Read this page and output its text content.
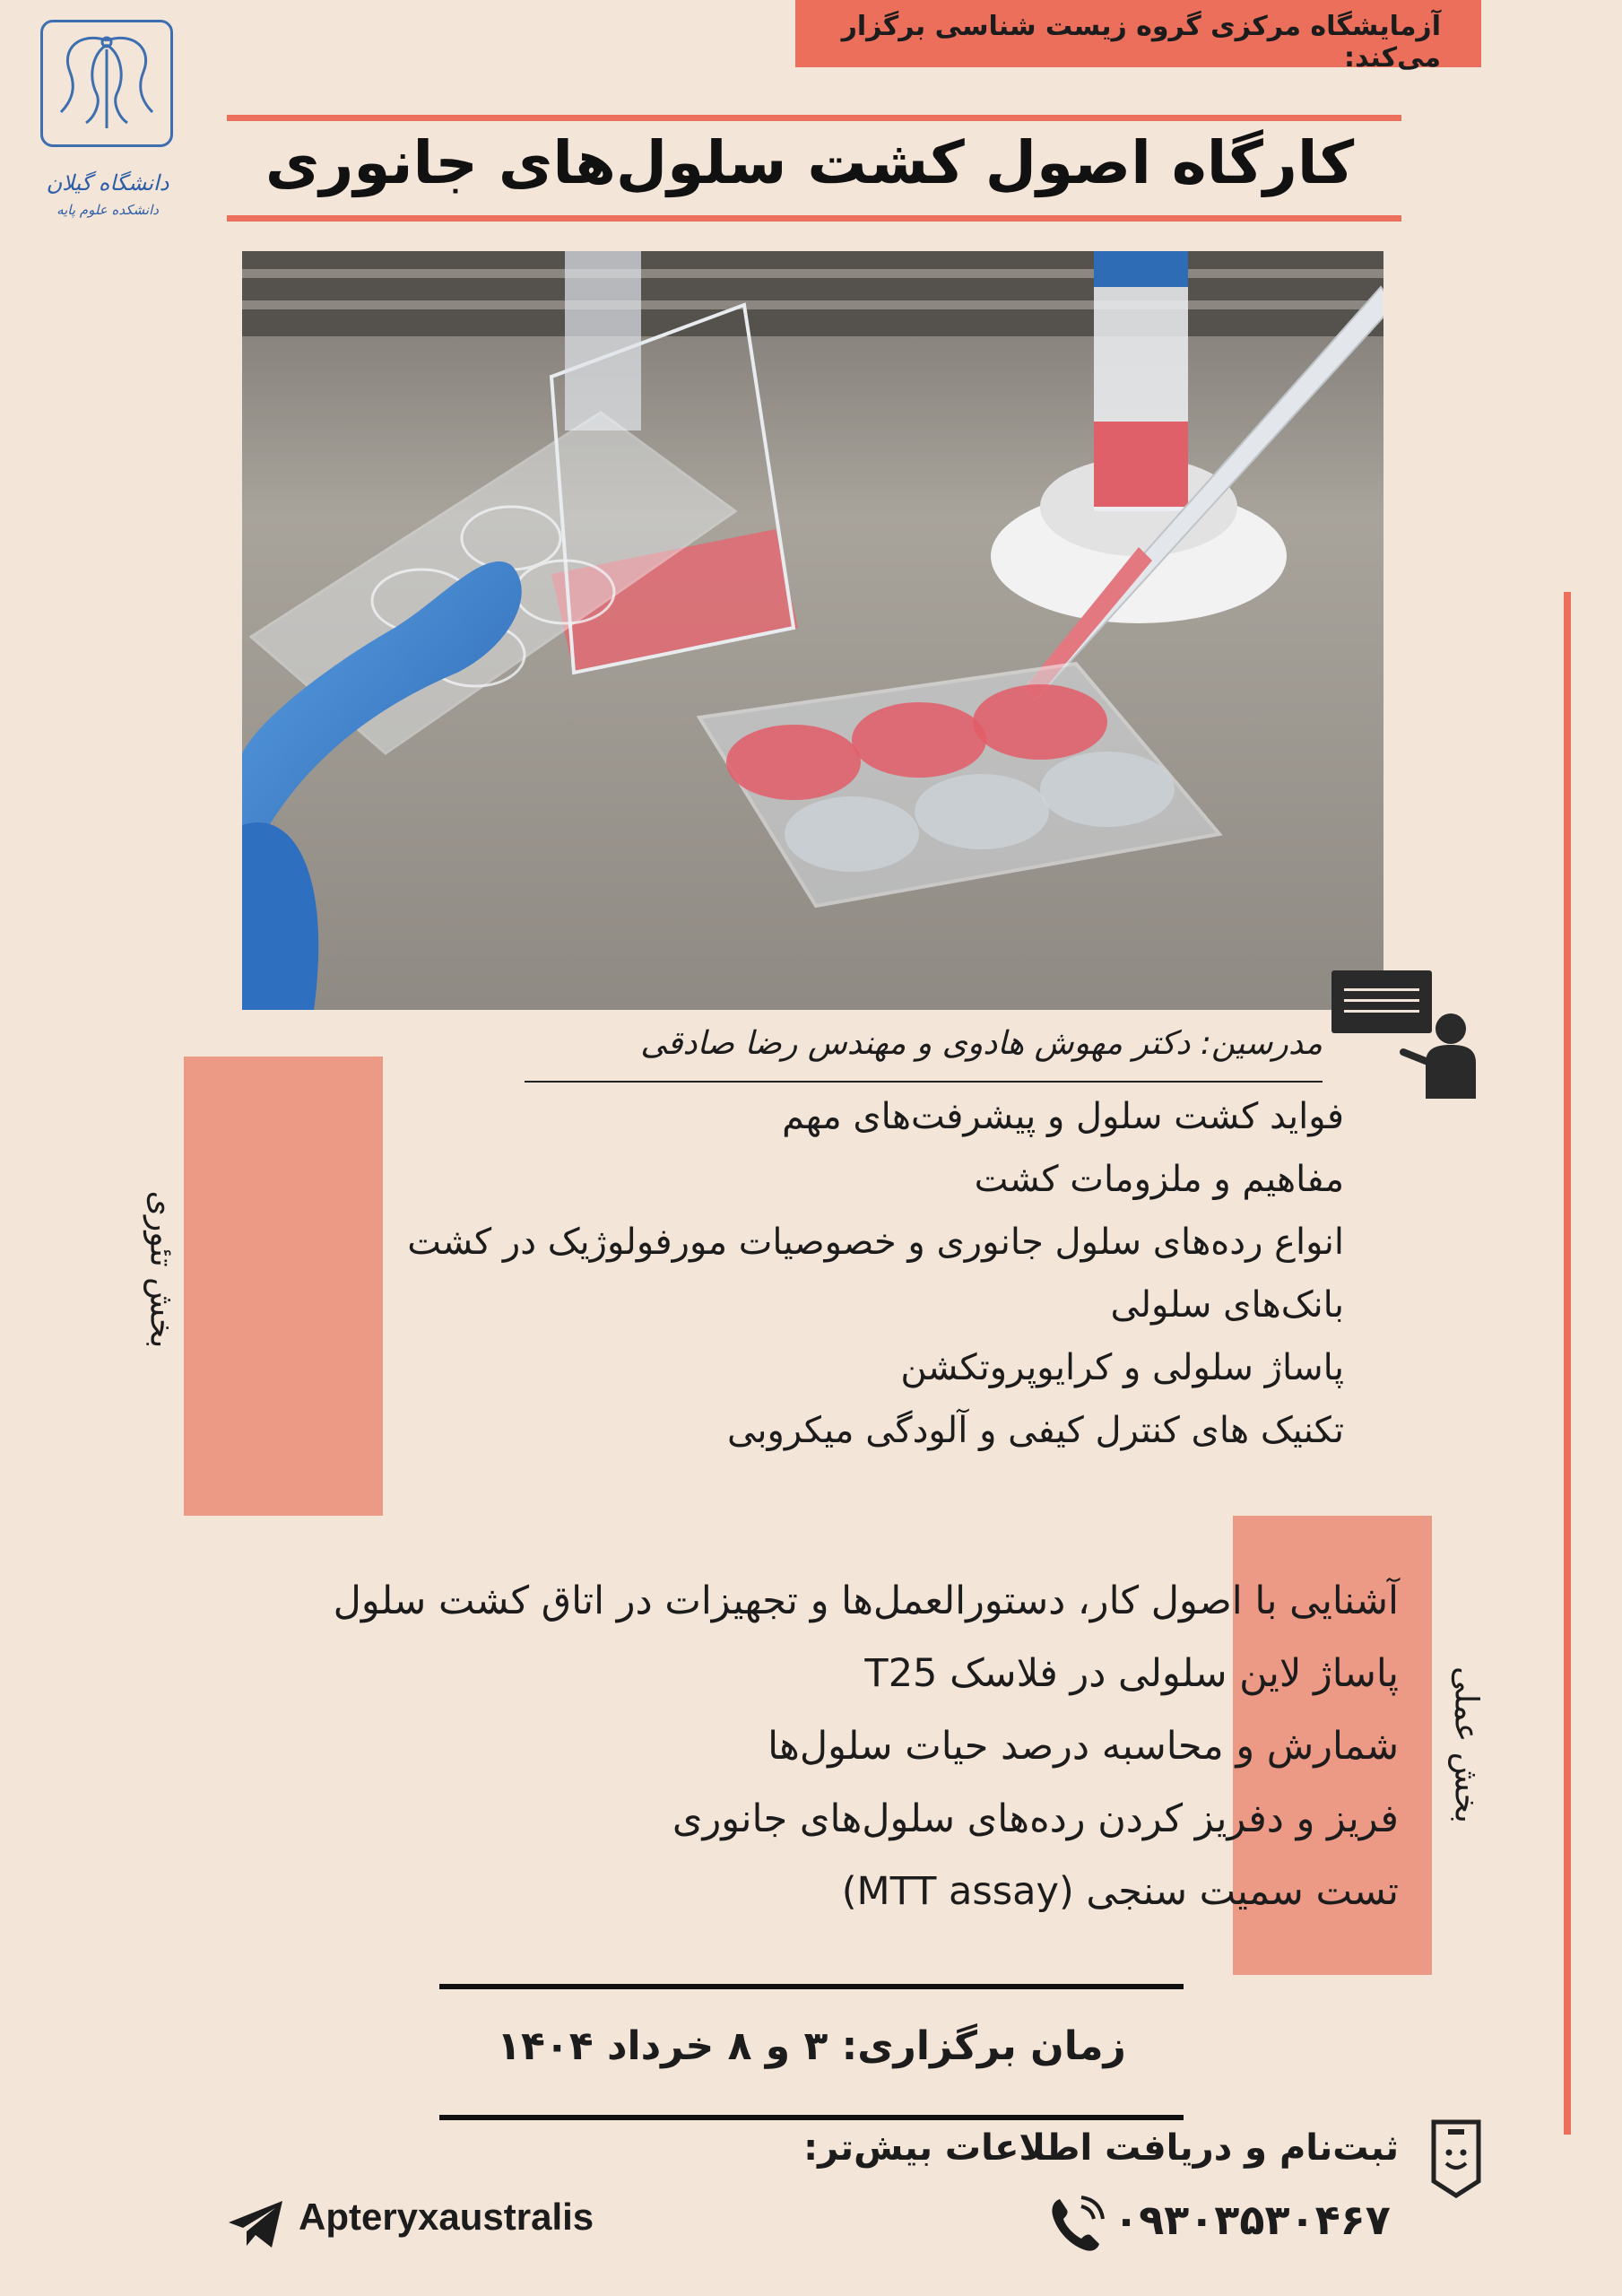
آزمایشگاه مرکزی گروه زیست شناسی برگزار می‌کند:
دانشگاه گیلان
دانشکده علوم پایه
کارگاه اصول کشت سلول‌های جانوری
مدرسین: دکتر مهوش هادوی و مهندس رضا صادقی
بخش تئوری
فواید کشت سلول و پیشرفت‌های مهم
مفاهیم و ملزومات کشت
انواع رده‌های سلول جانوری و خصوصیات مورفولوژیک در کشت
بانک‌های سلولی
پاساژ سلولی و کرایوپروتکشن
تکنیک های کنترل کیفی و آلودگی میکروبی
بخش عملی
آشنایی با اصول کار، دستورالعمل‌ها و تجهیزات در اتاق کشت سلول
پاساژ لاین سلولی در فلاسک T25
شمارش و محاسبه درصد حیات سلول‌ها
فریز و دفریز کردن رده‌های سلول‌های جانوری
تست سمیت سنجی (MTT assay)
زمان برگزاری: ۳ و ۸ خرداد ۱۴۰۴
ثبت‌نام و دریافت اطلاعات بیش‌تر:
۰۹۳۰۳۵۳۰۴۶۷
Apteryxaustralis
